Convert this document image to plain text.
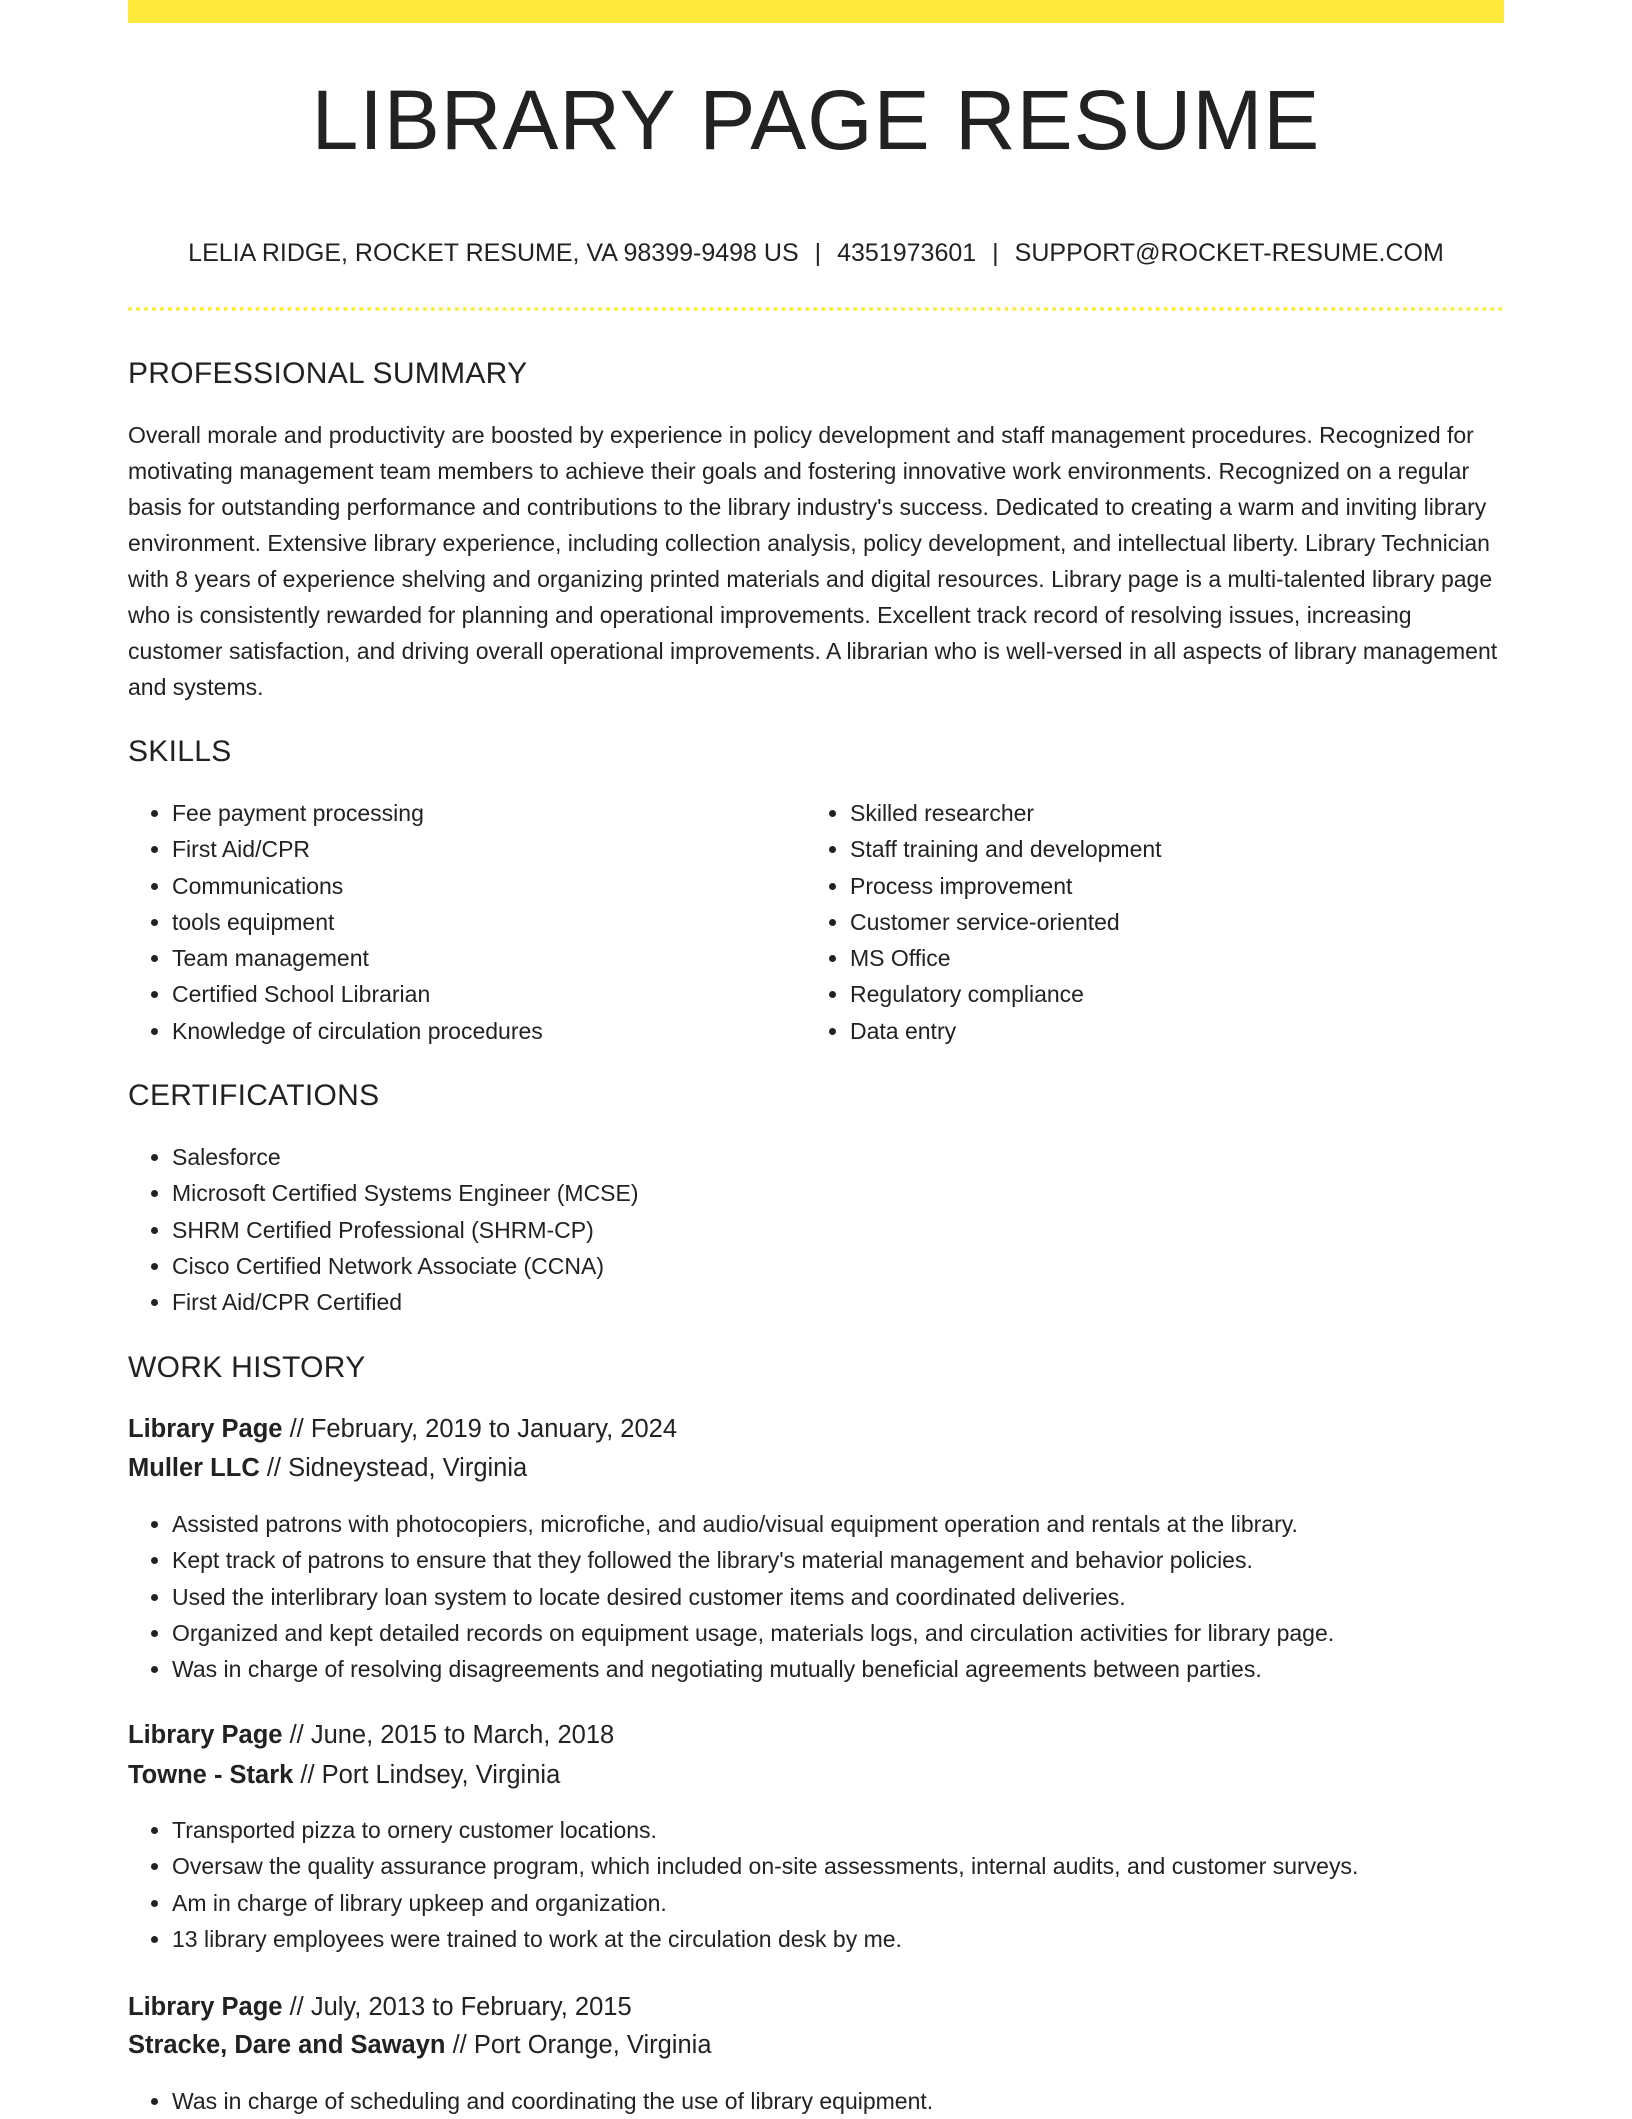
LIBRARY PAGE RESUME
LELIA RIDGE, ROCKET RESUME, VA 98399-9498 US | 4351973601 | SUPPORT@ROCKET-RESUME.COM
PROFESSIONAL SUMMARY

Overall morale and productivity are boosted by experience in policy development and staff management procedures. Recognized for motivating management team members to achieve their goals and fostering innovative work environments. Recognized on a regular basis for outstanding performance and contributions to the library industry's success. Dedicated to creating a warm and inviting library environment. Extensive library experience, including collection analysis, policy development, and intellectual liberty. Library Technician with 8 years of experience shelving and organizing printed materials and digital resources. Library page is a multi-talented library page who is consistently rewarded for planning and operational improvements. Excellent track record of resolving issues, increasing customer satisfaction, and driving overall operational improvements. A librarian who is well-versed in all aspects of library management and systems.

SKILLS
• Fee payment processing
• First Aid/CPR
• Communications
• tools equipment
• Team management
• Certified School Librarian
• Knowledge of circulation procedures
• Skilled researcher
• Staff training and development
• Process improvement
• Customer service-oriented
• MS Office
• Regulatory compliance
• Data entry
CERTIFICATIONS
• Salesforce
• Microsoft Certified Systems Engineer (MCSE)
• SHRM Certified Professional (SHRM-CP)
• Cisco Certified Network Associate (CCNA)
• First Aid/CPR Certified
WORK HISTORY
Library Page // February, 2019 to January, 2024
Muller LLC // Sidneystead, Virginia
• Assisted patrons with photocopiers, microfiche, and audio/visual equipment operation and rentals at the library.
• Kept track of patrons to ensure that they followed the library's material management and behavior policies.
• Used the interlibrary loan system to locate desired customer items and coordinated deliveries.
• Organized and kept detailed records on equipment usage, materials logs, and circulation activities for library page.
• Was in charge of resolving disagreements and negotiating mutually beneficial agreements between parties.
Library Page // June, 2015 to March, 2018
Towne - Stark // Port Lindsey, Virginia
• Transported pizza to ornery customer locations.
• Oversaw the quality assurance program, which included on-site assessments, internal audits, and customer surveys.
• Am in charge of library upkeep and organization.
• 13 library employees were trained to work at the circulation desk by me.
Library Page // July, 2013 to February, 2015
Stracke, Dare and Sawayn // Port Orange, Virginia
• Was in charge of scheduling and coordinating the use of library equipment.
